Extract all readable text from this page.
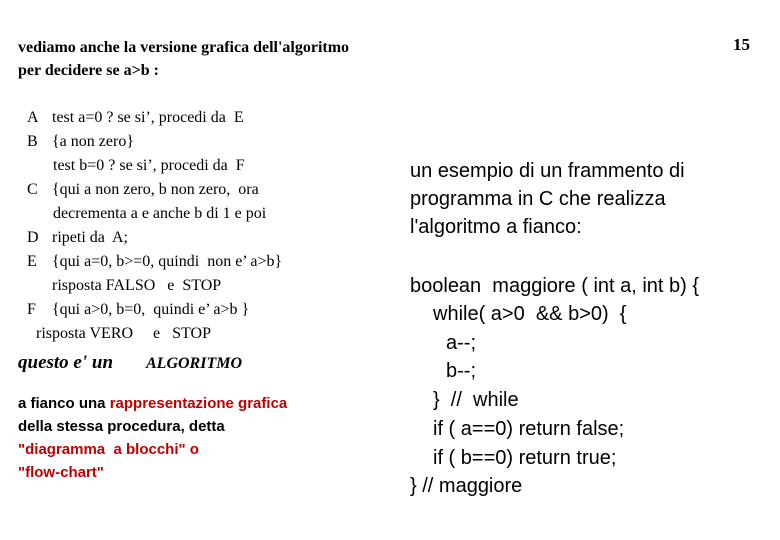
vediamo anche la versione grafica dell'algoritmo
per decidere se a>b :
15
A test a=0 ? se si’, procedi da  E
B {a non zero}
test b=0 ? se si’, procedi da  F
C {qui a non zero, b non zero,  ora
decrementa a e anche b di 1 e poi
D ripeti da  A;
E {qui a=0, b>=0, quindi  non e’ a>b}
risposta FALSO   e  STOP
F {qui a>0, b=0,  quindi e’ a>b }
risposta VERO     e   STOP
questo e' un ALGORITMO
a fianco una rappresentazione grafica
della stessa procedura, detta
"diagramma  a blocchi" o
"flow-chart"
un esempio di un frammento di
programma in C che realizza
l'algoritmo a fianco:
boolean  maggiore ( int a, int b) {
while( a>0  && b>0)  {
a--;
b--;
}  //  while
if ( a==0) return false;
if ( b==0) return true;
} // maggiore
